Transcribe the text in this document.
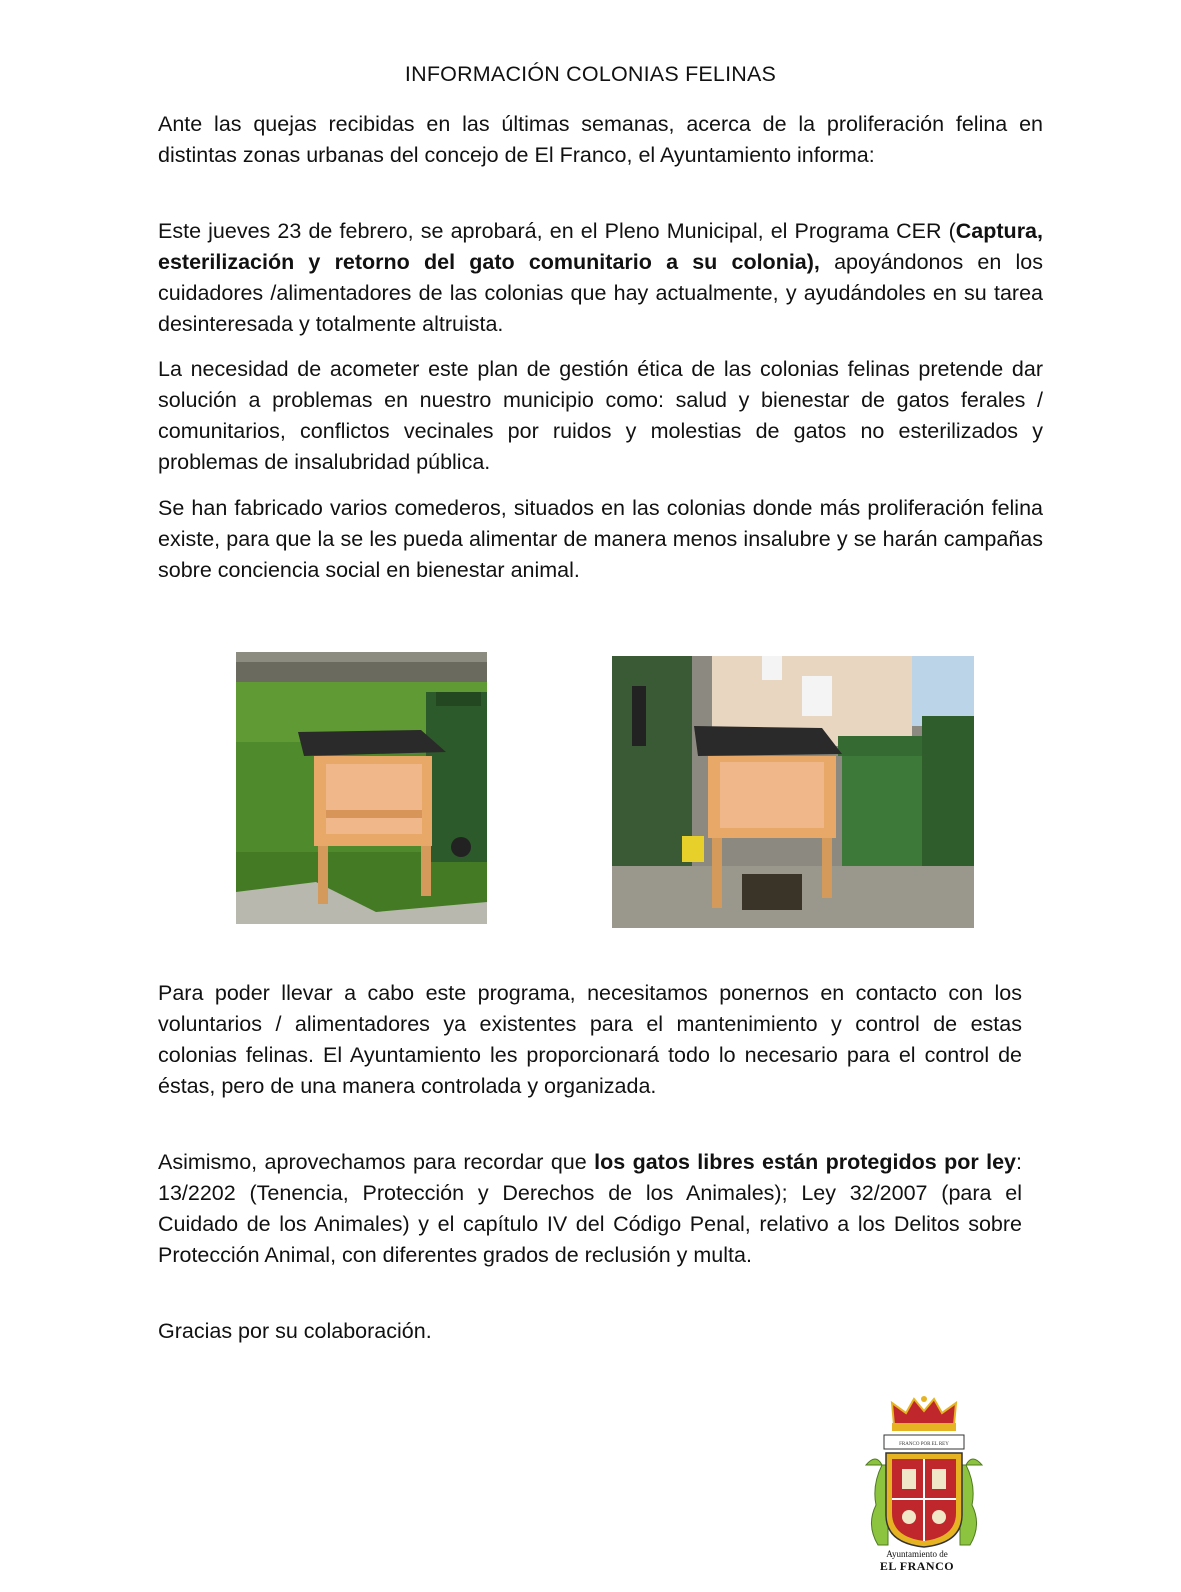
INFORMACIÓN COLONIAS FELINAS

Ante las quejas recibidas en las últimas semanas, acerca de la proliferación felina en distintas zonas urbanas del concejo de El Franco, el Ayuntamiento informa:

Este jueves 23 de febrero, se aprobará, en el Pleno Municipal, el Programa CER (Captura, esterilización y retorno del gato comunitario a su colonia), apoyándonos en los cuidadores /alimentadores de las colonias que hay actualmente, y ayudándoles en su tarea desinteresada y totalmente altruista.

La necesidad de acometer este plan de gestión ética de las colonias felinas pretende dar solución a problemas en nuestro municipio como: salud y bienestar de gatos ferales / comunitarios, conflictos vecinales por ruidos y molestias de gatos no esterilizados y problemas de insalubridad pública.

Se han fabricado varios comederos, situados en las colonias donde más proliferación felina existe, para que la se les pueda alimentar de manera menos insalubre y se harán campañas sobre conciencia social en bienestar animal.

Para poder llevar a cabo este programa, necesitamos ponernos en contacto con los voluntarios / alimentadores ya existentes para el mantenimiento y control de estas colonias felinas. El Ayuntamiento les proporcionará todo lo necesario para el control de éstas, pero de una manera controlada y organizada.

Asimismo, aprovechamos para recordar que los gatos libres están protegidos por ley: 13/2202 (Tenencia, Protección y Derechos de los Animales); Ley 32/2007 (para el Cuidado de los Animales) y el capítulo IV del Código Penal, relativo a los Delitos sobre Protección Animal, con diferentes grados de reclusión y multa.

Gracias por su colaboración.

FRANCO POR EL REY
Ayuntamiento de
EL FRANCO
